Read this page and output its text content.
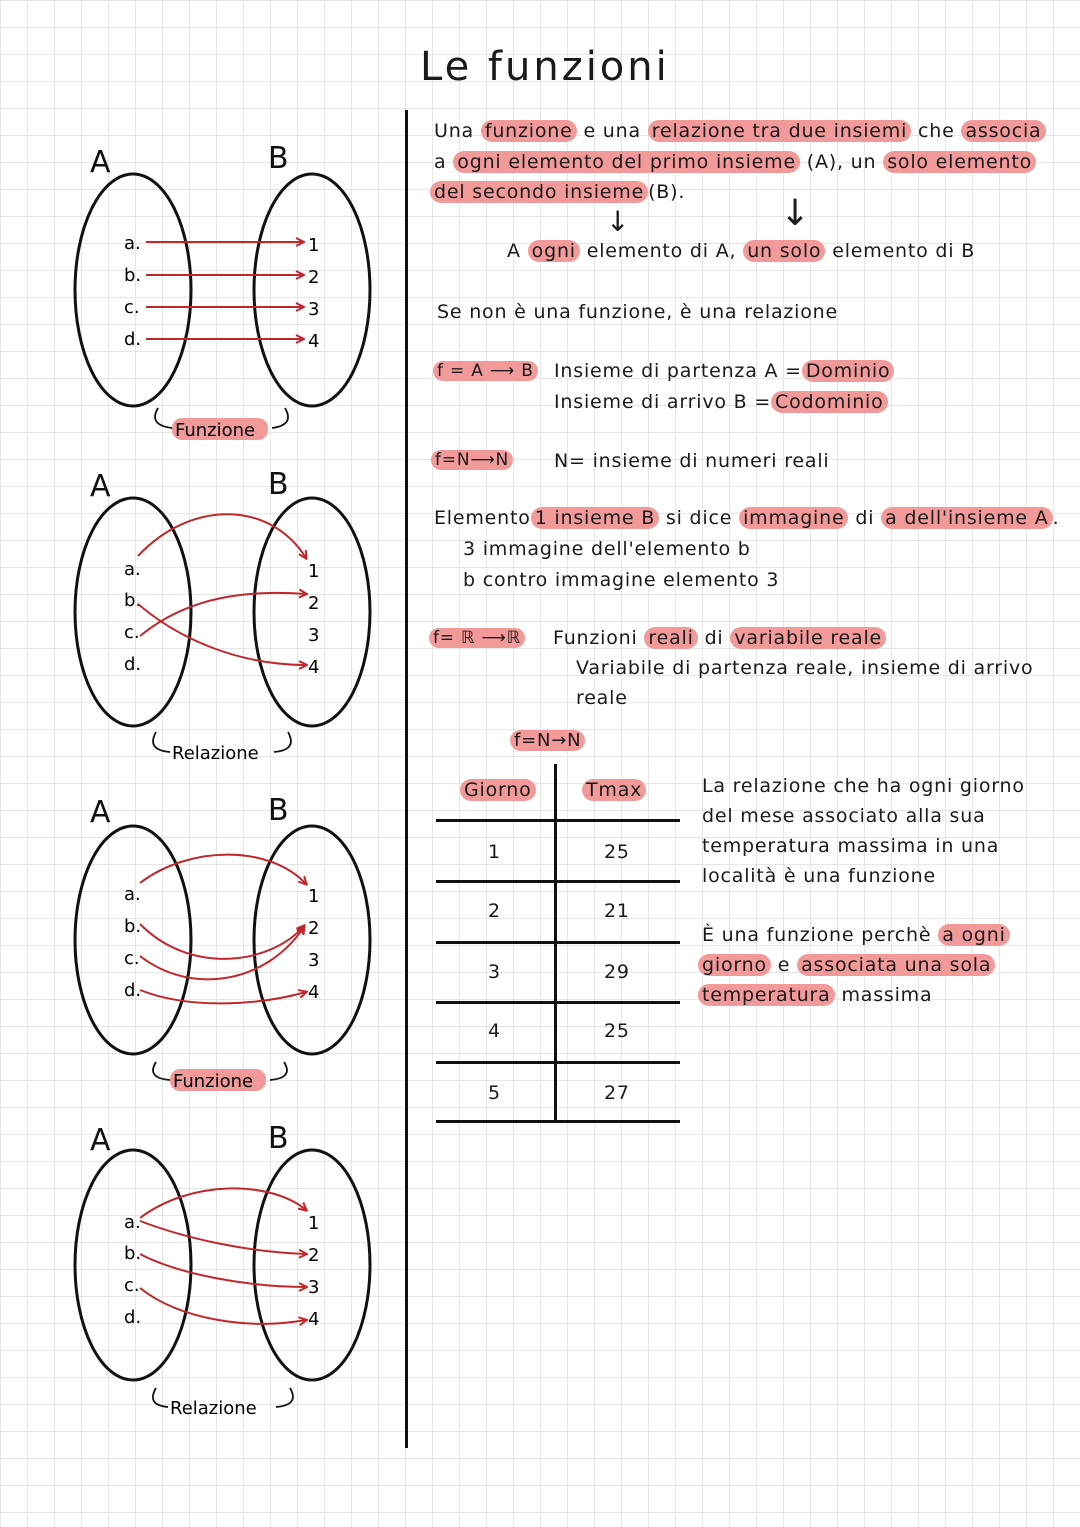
A	B
a.
b.
c.
d.
1
2
3
4
Funzione
A	B
a.
b.
c.
d.
1
2
3
4
Relazione
A	B
a.
b.
c.
d.
1
2
3
4
Funzione
A	B
a.
b.
c.
d.
1
2
3
4
Relazione
Le funzioni
Una funzione e una relazione tra due insiemi che associa
a ogni elemento del primo insieme (A), un solo elemento
del secondo insieme (B).
↓	↓
A ogni elemento di A, un solo elemento di B
Se non è una funzione, è una relazione
f = A ⟶ B Insieme di partenza A = Dominio
Insieme di arrivo B = Codominio
f=N⟶N N= insieme di numeri reali
Elemento 1 insieme B si dice immagine di a dell'insieme A .
3 immagine dell'elemento b
b contro immagine elemento 3
f= ℝ ⟶ℝ Funzioni reali di variabile reale
Variabile di partenza reale, insieme di arrivo
reale
f=N→N
Giorno	Tmax
1	25
2	21
3	29
4	25
5	27
La relazione che ha ogni giorno
del mese associato alla sua
temperatura massima in una
località è una funzione
È una funzione perchè a ogni
giorno e associata una sola
temperatura massima
